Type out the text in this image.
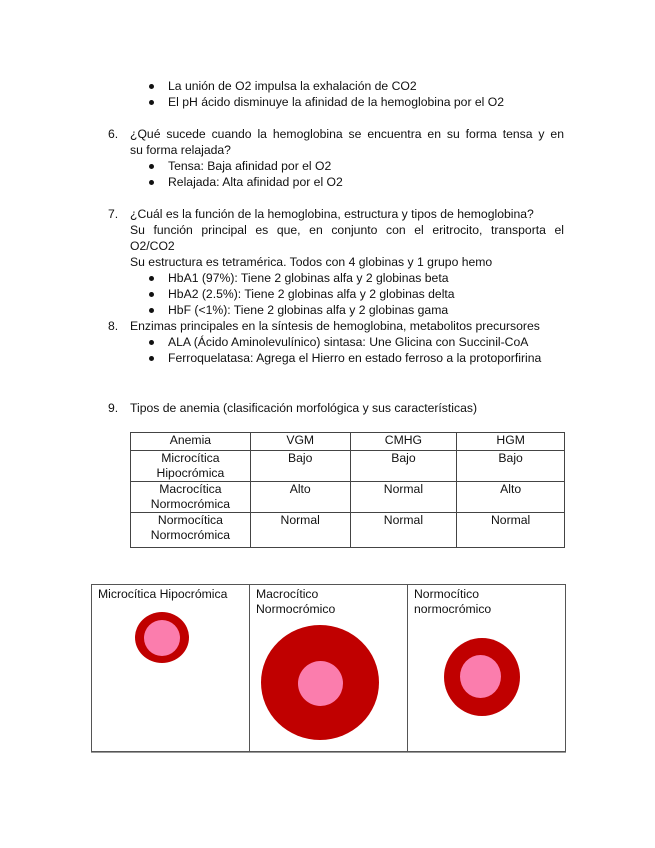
La unión de O2 impulsa la exhalación de CO2
El pH ácido disminuye la afinidad de la hemoglobina por el O2
6. ¿Qué sucede cuando la hemoglobina se encuentra en su forma tensa y en
su forma relajada?
Tensa: Baja afinidad por el O2
Relajada: Alta afinidad por el O2
7. ¿Cuál es la función de la hemoglobina, estructura y tipos de hemoglobina?
Su función principal es que, en conjunto con el eritrocito, transporta el
O2/CO2
Su estructura es tetramérica. Todos con 4 globinas y 1 grupo hemo
HbA1 (97%): Tiene 2 globinas alfa y 2 globinas beta
HbA2 (2.5%): Tiene 2 globinas alfa y 2 globinas delta
HbF (<1%): Tiene 2 globinas alfa y 2 globinas gama
8. Enzimas principales en la síntesis de hemoglobina, metabolitos precursores
ALA (Ácido Aminolevulínico) sintasa: Une Glicina con Succinil-CoA
Ferroquelatasa: Agrega el Hierro en estado ferroso a la protoporfirina
9. Tipos de anemia (clasificación morfológica y sus características)
Anemia	VGM	CMHG	HGM
Microcítica
Hipocrómica	Bajo	Bajo	Bajo
Macrocítica
Normocrómica	Alto	Normal	Alto
Normocítica
Normocrómica	Normal	Normal	Normal
Microcítica Hipocrómica Macrocítico
Normocrómico
Normocítico
normocrómico
